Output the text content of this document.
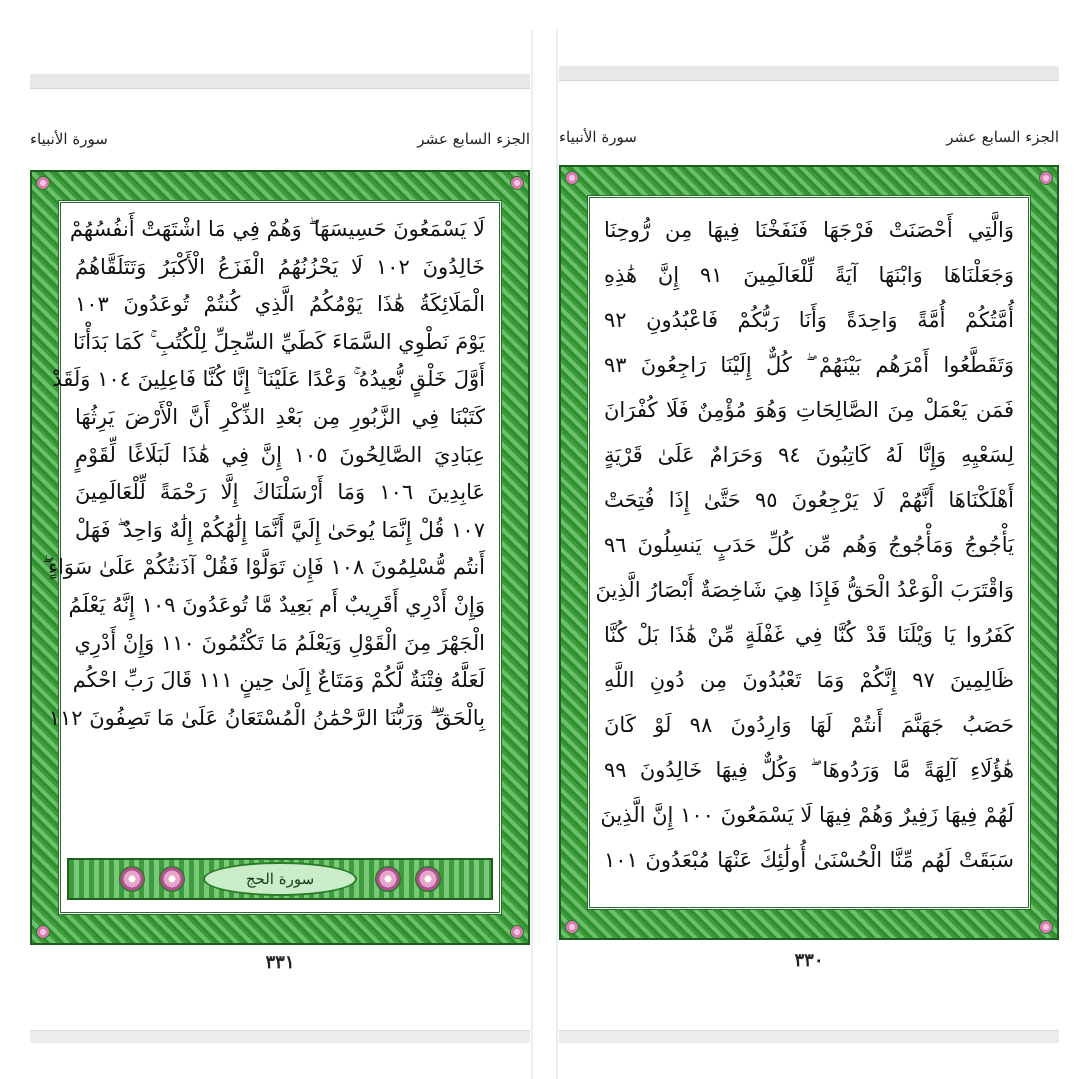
الجزء السابع عشر
سورة الأنبياء
لَا يَسْمَعُونَ حَسِيسَهَا ۖ وَهُمْ فِي مَا اشْتَهَتْ أَنفُسُهُمْ
خَالِدُونَ ١٠٢ لَا يَحْزُنُهُمُ الْفَزَعُ الْأَكْبَرُ وَتَتَلَقَّاهُمُ
الْمَلَائِكَةُ هَٰذَا يَوْمُكُمُ الَّذِي كُنتُمْ تُوعَدُونَ ١٠٣
يَوْمَ نَطْوِي السَّمَاءَ كَطَيِّ السِّجِلِّ لِلْكُتُبِ ۚ كَمَا بَدَأْنَا
أَوَّلَ خَلْقٍ نُّعِيدُهُ ۚ وَعْدًا عَلَيْنَا ۚ إِنَّا كُنَّا فَاعِلِينَ ١٠٤ وَلَقَدْ
كَتَبْنَا فِي الزَّبُورِ مِن بَعْدِ الذِّكْرِ أَنَّ الْأَرْضَ يَرِثُهَا
عِبَادِيَ الصَّالِحُونَ ١٠٥ إِنَّ فِي هَٰذَا لَبَلَاغًا لِّقَوْمٍ
عَابِدِينَ ١٠٦ وَمَا أَرْسَلْنَاكَ إِلَّا رَحْمَةً لِّلْعَالَمِينَ
١٠٧ قُلْ إِنَّمَا يُوحَىٰ إِلَيَّ أَنَّمَا إِلَٰهُكُمْ إِلَٰهٌ وَاحِدٌ ۖ فَهَلْ
أَنتُم مُّسْلِمُونَ ١٠٨ فَإِن تَوَلَّوْا فَقُلْ آذَنتُكُمْ عَلَىٰ سَوَاءٍ ۖ
وَإِنْ أَدْرِي أَقَرِيبٌ أَم بَعِيدٌ مَّا تُوعَدُونَ ١٠٩ إِنَّهُ يَعْلَمُ
الْجَهْرَ مِنَ الْقَوْلِ وَيَعْلَمُ مَا تَكْتُمُونَ ١١٠ وَإِنْ أَدْرِي
لَعَلَّهُ فِتْنَةٌ لَّكُمْ وَمَتَاعٌ إِلَىٰ حِينٍ ١١١ قَالَ رَبِّ احْكُم
بِالْحَقِّ ۗ وَرَبُّنَا الرَّحْمَٰنُ الْمُسْتَعَانُ عَلَىٰ مَا تَصِفُونَ ١١٢
سورة الحج
٣٣١
الجزء السابع عشر
سورة الأنبياء
وَالَّتِي أَحْصَنَتْ فَرْجَهَا فَنَفَخْنَا فِيهَا مِن رُّوحِنَا
وَجَعَلْنَاهَا وَابْنَهَا آيَةً لِّلْعَالَمِينَ ٩١ إِنَّ هَٰذِهِ
أُمَّتُكُمْ أُمَّةً وَاحِدَةً وَأَنَا رَبُّكُمْ فَاعْبُدُونِ ٩٢
وَتَقَطَّعُوا أَمْرَهُم بَيْنَهُمْ ۖ كُلٌّ إِلَيْنَا رَاجِعُونَ ٩٣
فَمَن يَعْمَلْ مِنَ الصَّالِحَاتِ وَهُوَ مُؤْمِنٌ فَلَا كُفْرَانَ
لِسَعْيِهِ وَإِنَّا لَهُ كَاتِبُونَ ٩٤ وَحَرَامٌ عَلَىٰ قَرْيَةٍ
أَهْلَكْنَاهَا أَنَّهُمْ لَا يَرْجِعُونَ ٩٥ حَتَّىٰ إِذَا فُتِحَتْ
يَأْجُوجُ وَمَأْجُوجُ وَهُم مِّن كُلِّ حَدَبٍ يَنسِلُونَ ٩٦
وَاقْتَرَبَ الْوَعْدُ الْحَقُّ فَإِذَا هِيَ شَاخِصَةٌ أَبْصَارُ الَّذِينَ
كَفَرُوا يَا وَيْلَنَا قَدْ كُنَّا فِي غَفْلَةٍ مِّنْ هَٰذَا بَلْ كُنَّا
ظَالِمِينَ ٩٧ إِنَّكُمْ وَمَا تَعْبُدُونَ مِن دُونِ اللَّهِ
حَصَبُ جَهَنَّمَ أَنتُمْ لَهَا وَارِدُونَ ٩٨ لَوْ كَانَ
هَٰؤُلَاءِ آلِهَةً مَّا وَرَدُوهَا ۖ وَكُلٌّ فِيهَا خَالِدُونَ ٩٩
لَهُمْ فِيهَا زَفِيرٌ وَهُمْ فِيهَا لَا يَسْمَعُونَ ١٠٠ إِنَّ الَّذِينَ
سَبَقَتْ لَهُم مِّنَّا الْحُسْنَىٰ أُولَٰئِكَ عَنْهَا مُبْعَدُونَ ١٠١
٣٣٠
